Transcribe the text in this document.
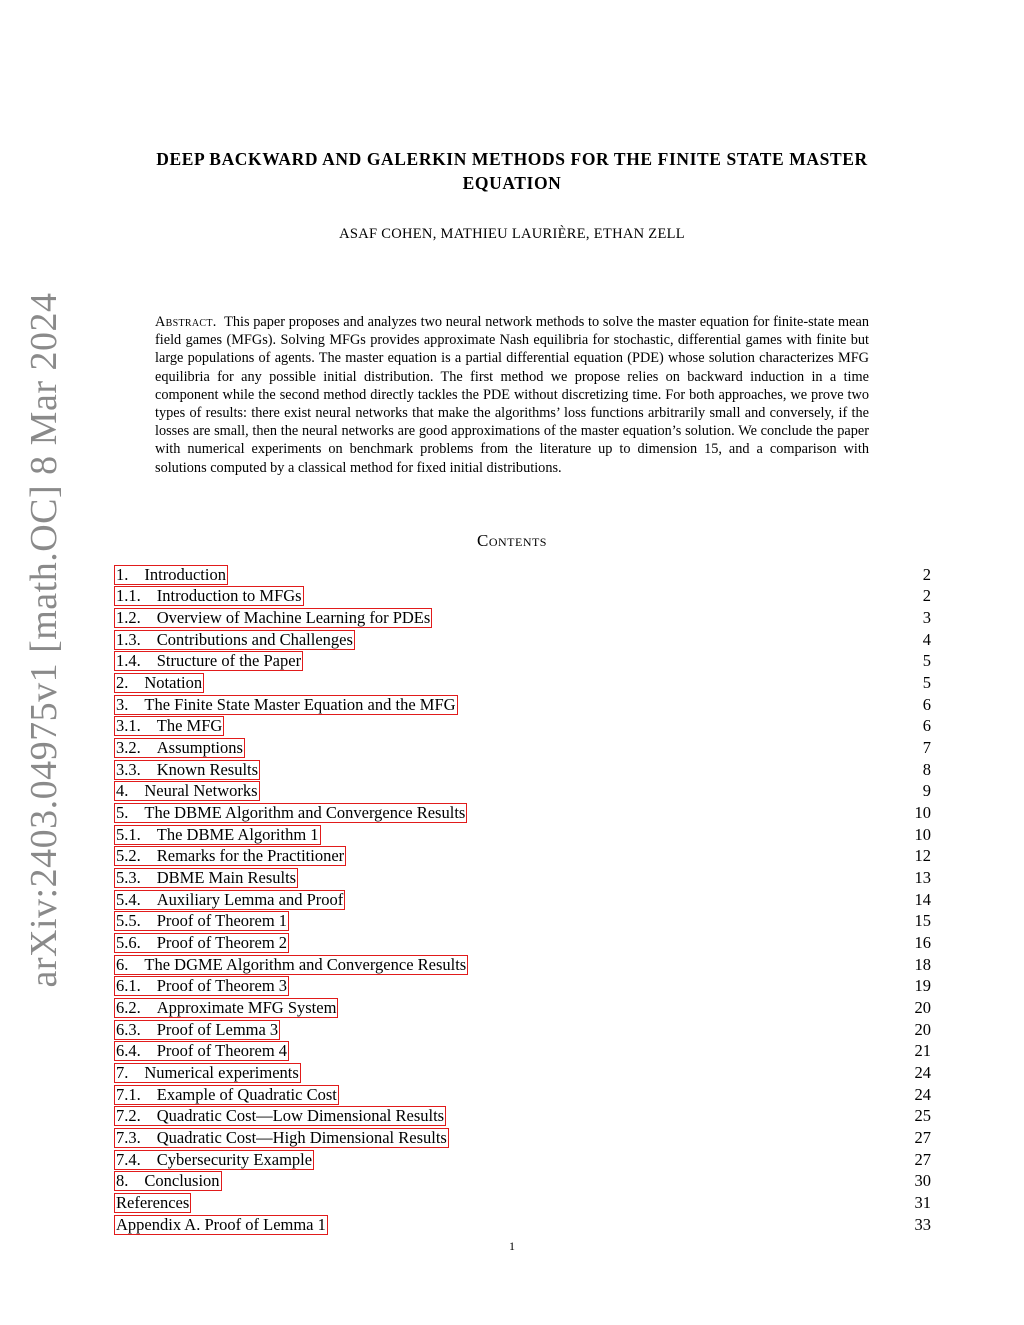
arXiv:2403.04975v1 [math.OC] 8 Mar 2024
DEEP BACKWARD AND GALERKIN METHODS FOR THE FINITE STATE MASTER EQUATION
ASAF COHEN, MATHIEU LAURIÈRE, ETHAN ZELL
Abstract. This paper proposes and analyzes two neural network methods to solve the master equation for finite-state mean field games (MFGs). Solving MFGs provides approximate Nash equilibria for stochastic, differential games with finite but large populations of agents. The master equation is a partial differential equation (PDE) whose solution characterizes MFG equilibria for any possible initial distribution. The first method we propose relies on backward induction in a time component while the second method directly tackles the PDE without discretizing time. For both approaches, we prove two types of results: there exist neural networks that make the algorithms’ loss functions arbitrarily small and conversely, if the losses are small, then the neural networks are good approximations of the master equation’s solution. We conclude the paper with numerical experiments on benchmark problems from the literature up to dimension 15, and a comparison with solutions computed by a classical method for fixed initial distributions.
Contents
1. Introduction	2
1.1. Introduction to MFGs	2
1.2. Overview of Machine Learning for PDEs	3
1.3. Contributions and Challenges	4
1.4. Structure of the Paper	5
2. Notation	5
3. The Finite State Master Equation and the MFG	6
3.1. The MFG	6
3.2. Assumptions	7
3.3. Known Results	8
4. Neural Networks	9
5. The DBME Algorithm and Convergence Results	10
5.1. The DBME Algorithm 1	10
5.2. Remarks for the Practitioner	12
5.3. DBME Main Results	13
5.4. Auxiliary Lemma and Proof	14
5.5. Proof of Theorem 1	15
5.6. Proof of Theorem 2	16
6. The DGME Algorithm and Convergence Results	18
6.1. Proof of Theorem 3	19
6.2. Approximate MFG System	20
6.3. Proof of Lemma 3	20
6.4. Proof of Theorem 4	21
7. Numerical experiments	24
7.1. Example of Quadratic Cost	24
7.2. Quadratic Cost—Low Dimensional Results	25
7.3. Quadratic Cost—High Dimensional Results	27
7.4. Cybersecurity Example	27
8. Conclusion	30
References	31
Appendix A. Proof of Lemma 1	33
1
